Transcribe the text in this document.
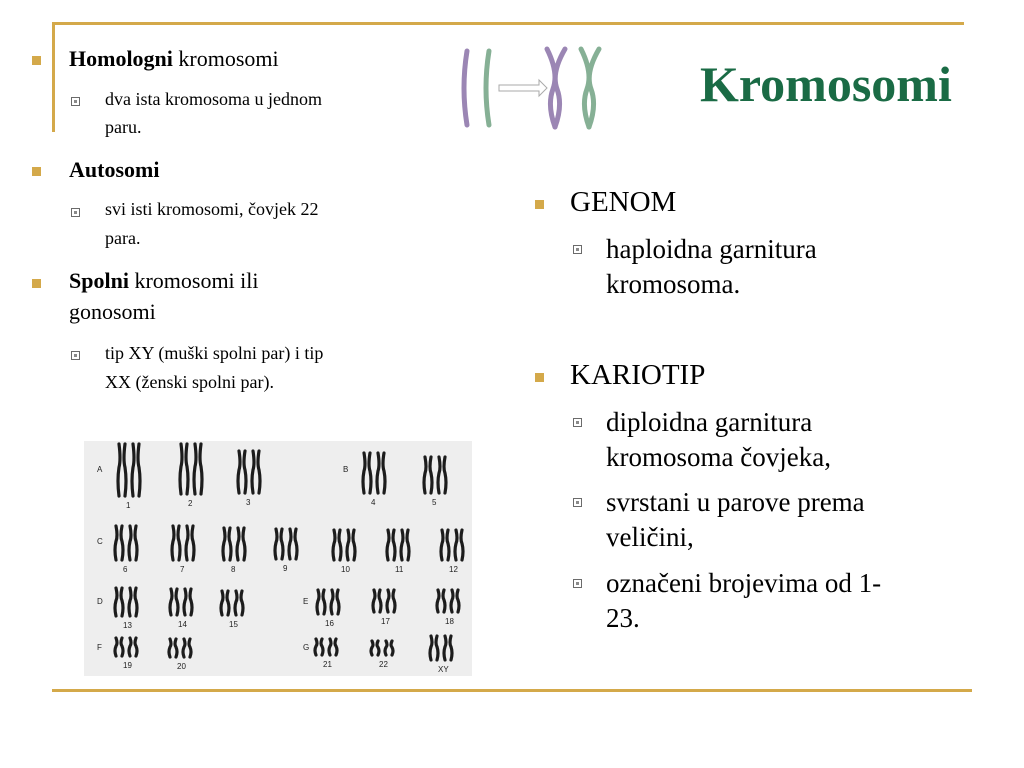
Kromosomi
Homologni kromosomi
dva ista kromosoma u jednom
paru.
Autosomi
svi isti kromosomi, čovjek 22
para.
Spolni kromosomi ili
gonosomi
tip XY (muški spolni par) i tip
XX (ženski spolni par).
GENOM
haploidna garnitura
kromosoma.
KARIOTIP
diploidna garnitura
kromosoma čovjeka,
svrstani u parove prema
veličini,
označeni brojevima od 1-
23.
1	2	3	4	5
6	7	8	9	10	11	12
13	14	15	16	17	18
19	20	21	22
XY
A	B
C
D	E
F	G
